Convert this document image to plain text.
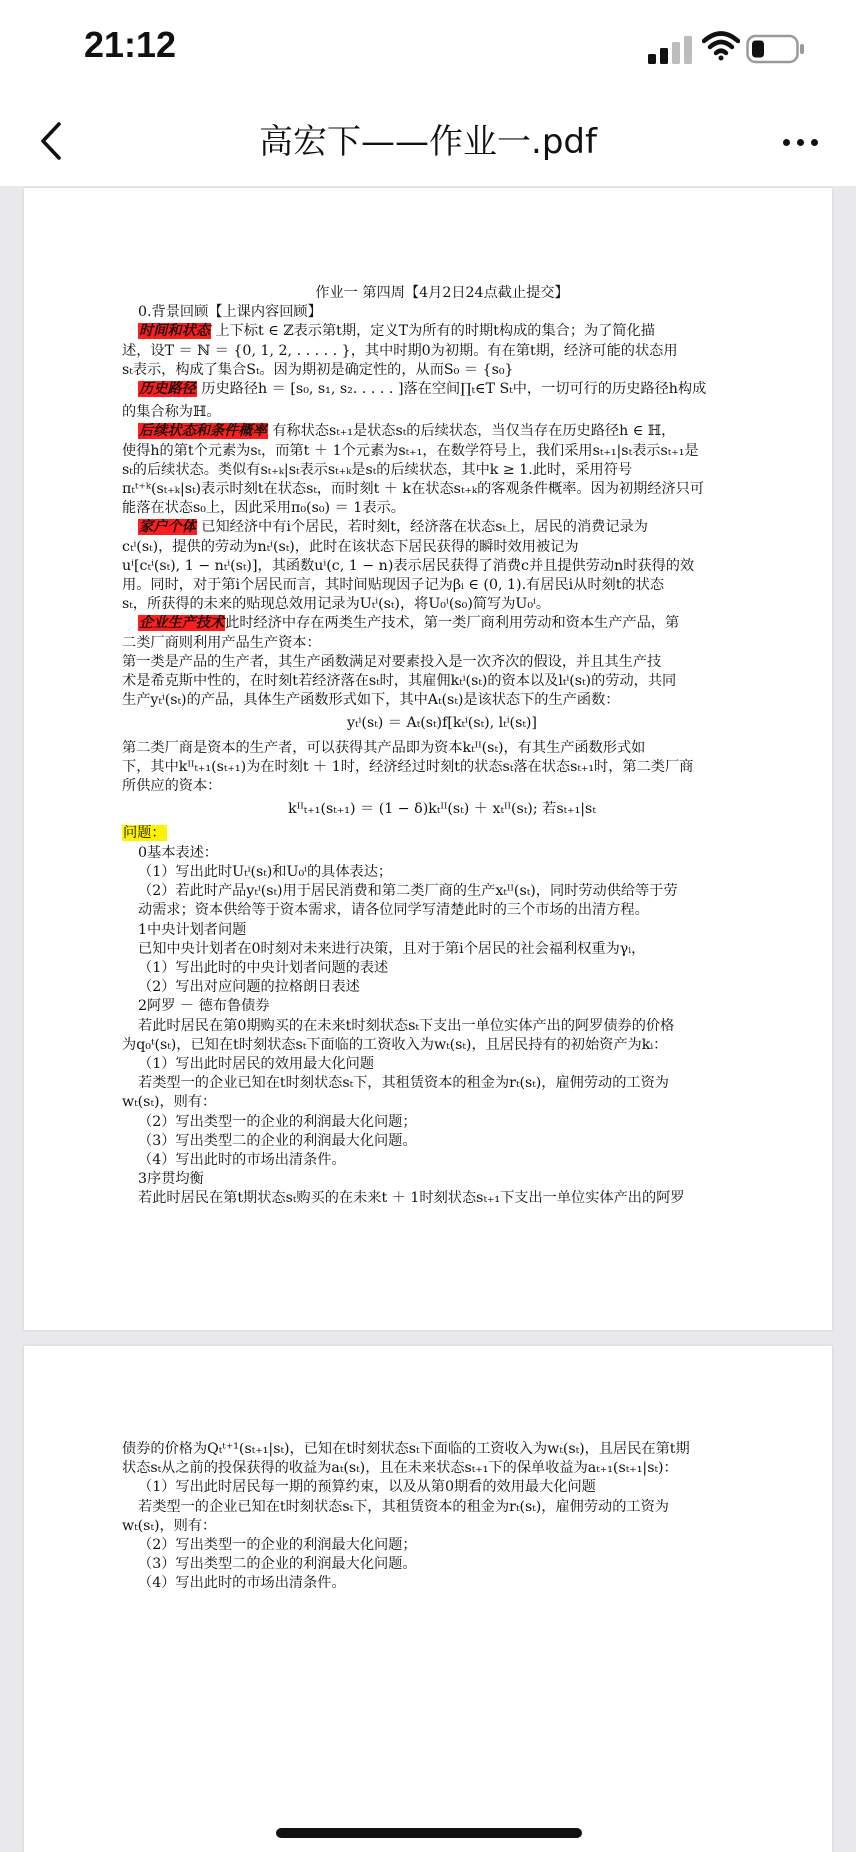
21:12
高宏下——作业一.pdf

作业一 第四周【4月2日24点截止提交】

0.背景回顾【上课内容回顾】

时间和状态 上下标t ∈ ℤ表示第t期，定义T为所有的时期t构成的集合；为了简化描

述，设T ＝ ℕ ＝ {0, 1, 2, . . . . . }，其中时期0为初期。有在第t期，经济可能的状态用

sₜ表示，构成了集合Sₜ。因为期初是确定性的，从而S₀ ＝ {s₀}

历史路径 历史路径h ＝ [s₀, s₁, s₂. . . . . ]落在空间∏ₜ∈T Sₜ中，一切可行的历史路径h构成

的集合称为ℍ。

后续状态和条件概率 有称状态sₜ₊₁是状态sₜ的后续状态，当仅当存在历史路径h ∈ ℍ，

使得h的第t个元素为sₜ，而第t ＋ 1个元素为sₜ₊₁，在数学符号上，我们采用sₜ₊₁|sₜ表示sₜ₊₁是

sₜ的后续状态。类似有sₜ₊ₖ|sₜ表示sₜ₊ₖ是sₜ的后续状态，其中k ≥ 1.此时，采用符号

πₜᵗ⁺ᵏ(sₜ₊ₖ|sₜ)表示时刻t在状态sₜ，而时刻t ＋ k在状态sₜ₊ₖ的客观条件概率。因为初期经济只可

能落在状态s₀上，因此采用π₀(s₀) ＝ 1表示。

家户个体 已知经济中有i个居民，若时刻t，经济落在状态sₜ上，居民的消费记录为

cₜⁱ(sₜ)，提供的劳动为nₜⁱ(sₜ)，此时在该状态下居民获得的瞬时效用被记为

uⁱ[cₜⁱ(sₜ), 1 − nₜⁱ(sₜ)]，其函数uⁱ(c, 1 − n)表示居民获得了消费c并且提供劳动n时获得的效

用。同时，对于第i个居民而言，其时间贴现因子记为βᵢ ∈ (0, 1).有居民i从时刻t的状态

sₜ，所获得的未来的贴现总效用记录为Uₜⁱ(sₜ)，将U₀ⁱ(s₀)简写为U₀ⁱ。

企业生产技术此时经济中存在两类生产技术，第一类厂商利用劳动和资本生产产品，第

二类厂商则利用产品生产资本：

第一类是产品的生产者，其生产函数满足对要素投入是一次齐次的假设，并且其生产技

术是希克斯中性的，在时刻t若经济落在sₜ时，其雇佣kₜⁱ(sₜ)的资本以及lₜⁱ(sₜ)的劳动，共同

生产yₜⁱ(sₜ)的产品，具体生产函数形式如下，其中Aₜ(sₜ)是该状态下的生产函数：

yₜⁱ(sₜ) ＝ Aₜ(sₜ)f[kₜⁱ(sₜ), lₜⁱ(sₜ)]

第二类厂商是资本的生产者，可以获得其产品即为资本kₜᴵᴵ(sₜ)，有其生产函数形式如

下，其中kᴵᴵₜ₊₁(sₜ₊₁)为在时刻t ＋ 1时，经济经过时刻t的状态sₜ落在状态sₜ₊₁时，第二类厂商

所供应的资本：

kᴵᴵₜ₊₁(sₜ₊₁) ＝ (1 − δ)kₜᴵᴵ(sₜ) ＋ xₜᴵᴵ(sₜ); 若sₜ₊₁|sₜ

问题：

0基本表述：

（1）写出此时Uₜⁱ(sₜ)和U₀ⁱ的具体表达；

（2）若此时产品yₜⁱ(sₜ)用于居民消费和第二类厂商的生产xₜᴵᴵ(sₜ)，同时劳动供给等于劳

动需求；资本供给等于资本需求，请各位同学写清楚此时的三个市场的出清方程。

1中央计划者问题

已知中央计划者在0时刻对未来进行决策，且对于第i个居民的社会福利权重为γᵢ，

（1）写出此时的中央计划者问题的表述

（2）写出对应问题的拉格朗日表述

2阿罗 － 德布鲁债券

若此时居民在第0期购买的在未来t时刻状态sₜ下支出一单位实体产出的阿罗债券的价格

为q₀ᵗ(sₜ)，已知在t时刻状态sₜ下面临的工资收入为wₜ(sₜ)，且居民持有的初始资产为kᵢ：

（1）写出此时居民的效用最大化问题

若类型一的企业已知在t时刻状态sₜ下，其租赁资本的租金为rₜ(sₜ)，雇佣劳动的工资为

wₜ(sₜ)，则有：

（2）写出类型一的企业的利润最大化问题；

（3）写出类型二的企业的利润最大化问题。

（4）写出此时的市场出清条件。

3序贯均衡

若此时居民在第t期状态sₜ购买的在未来t ＋ 1时刻状态sₜ₊₁下支出一单位实体产出的阿罗

债券的价格为Qₜᵗ⁺¹(sₜ₊₁|sₜ)，已知在t时刻状态sₜ下面临的工资收入为wₜ(sₜ)，且居民在第t期

状态sₜ从之前的投保获得的收益为aₜ(sₜ)，且在未来状态sₜ₊₁下的保单收益为aₜ₊₁(sₜ₊₁|sₜ)：

（1）写出此时居民每一期的预算约束，以及从第0期看的效用最大化问题

若类型一的企业已知在t时刻状态sₜ下，其租赁资本的租金为rₜ(sₜ)，雇佣劳动的工资为

wₜ(sₜ)，则有：

（2）写出类型一的企业的利润最大化问题；

（3）写出类型二的企业的利润最大化问题。

（4）写出此时的市场出清条件。
